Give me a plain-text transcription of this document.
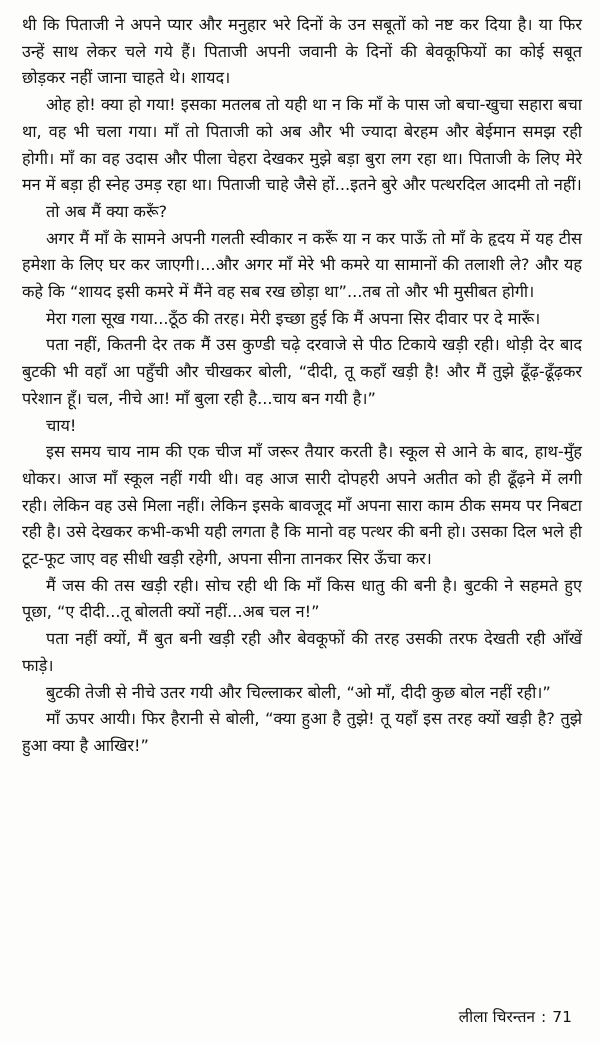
थी कि पिताजी ने अपने प्यार और मनुहार भरे दिनों के उन सबूतों को नष्ट कर दिया है। या फिर उन्हें साथ लेकर चले गये हैं। पिताजी अपनी जवानी के दिनों की बेवकूफियों का कोई सबूत छोड़कर नहीं जाना चाहते थे। शायद।

ओह हो! क्या हो गया! इसका मतलब तो यही था न कि माँ के पास जो बचा-खुचा सहारा बचा था, वह भी चला गया। माँ तो पिताजी को अब और भी ज्यादा बेरहम और बेईमान समझ रही होगी। माँ का वह उदास और पीला चेहरा देखकर मुझे बड़ा बुरा लग रहा था। पिताजी के लिए मेरे मन में बड़ा ही स्नेह उमड़ रहा था। पिताजी चाहे जैसे हों...इतने बुरे और पत्थरदिल आदमी तो नहीं।

तो अब मैं क्या करूँ?

अगर मैं माँ के सामने अपनी गलती स्वीकार न करूँ या न कर पाऊँ तो माँ के हृदय में यह टीस हमेशा के लिए घर कर जाएगी।...और अगर माँ मेरे भी कमरे या सामानों की तलाशी ले? और यह कहे कि “शायद इसी कमरे में मैंने वह सब रख छोड़ा था”...तब तो और भी मुसीबत होगी।

मेरा गला सूख गया...ठूँठ की तरह। मेरी इच्छा हुई कि मैं अपना सिर दीवार पर दे मारूँ।

पता नहीं, कितनी देर तक मैं उस कुण्डी चढ़े दरवाजे से पीठ टिकाये खड़ी रही। थोड़ी देर बाद बुटकी भी वहाँ आ पहुँची और चीखकर बोली, “दीदी, तू कहाँ खड़ी है! और मैं तुझे ढूँढ़-ढूँढ़कर परेशान हूँ। चल, नीचे आ! माँ बुला रही है...चाय बन गयी है।”

चाय!

इस समय चाय नाम की एक चीज माँ जरूर तैयार करती है। स्कूल से आने के बाद, हाथ-मुँह धोकर। आज माँ स्कूल नहीं गयी थी। वह आज सारी दोपहरी अपने अतीत को ही ढूँढ़ने में लगी रही। लेकिन वह उसे मिला नहीं। लेकिन इसके बावजूद माँ अपना सारा काम ठीक समय पर निबटा रही है। उसे देखकर कभी-कभी यही लगता है कि मानो वह पत्थर की बनी हो। उसका दिल भले ही टूट-फूट जाए वह सीधी खड़ी रहेगी, अपना सीना तानकर सिर ऊँचा कर।

मैं जस की तस खड़ी रही। सोच रही थी कि माँ किस धातु की बनी है। बुटकी ने सहमते हुए पूछा, “ए दीदी...तू बोलती क्यों नहीं...अब चल न!”

पता नहीं क्यों, मैं बुत बनी खड़ी रही और बेवकूफों की तरह उसकी तरफ देखती रही आँखें फाड़े।

बुटकी तेजी से नीचे उतर गयी और चिल्लाकर बोली, “ओ माँ, दीदी कुछ बोल नहीं रही।”

माँ ऊपर आयी। फिर हैरानी से बोली, “क्या हुआ है तुझे! तू यहाँ इस तरह क्यों खड़ी है? तुझे हुआ क्या है आखिर!”

लीला चिरन्तन : 71
